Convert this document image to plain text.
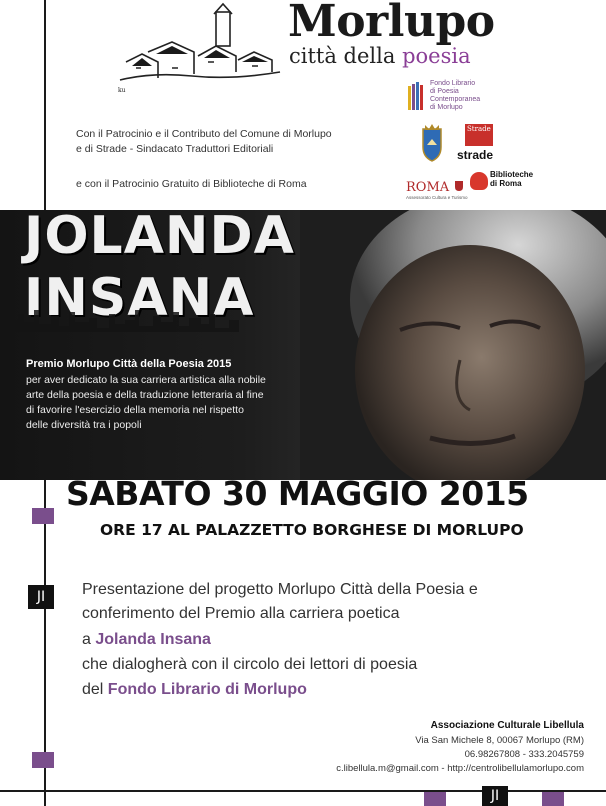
ku
Morlupo
città della poesia
Con il Patrocinio e il Contributo del Comune di Morlupo
e di Strade - Sindacato Traduttori Editoriali
e con il Patrocinio Gratuito di Biblioteche di Roma
Fondo Librario
di Poesia
Contemporanea
di Morlupo
Strade
strade
ROMA
Assessorato Cultura e Turismo
Biblioteche
di Roma
JOLANDA
INSANA
Premio Morlupo Città della Poesia 2015
per aver dedicato la sua carriera artistica alla nobile
arte della poesia e della traduzione letteraria al fine
di favorire l'esercizio della memoria nel rispetto
delle diversità tra i popoli
SABATO 30 MAGGIO 2015
ORE 17 AL PALAZZETTO BORGHESE DI MORLUPO
JI	Presentazione del progetto Morlupo Città della Poesia e
conferimento del Premio alla carriera poetica
a Jolanda Insana
che dialogherà con il circolo dei lettori di poesia
del Fondo Librario di Morlupo
Associazione Culturale Libellula
Via San Michele 8, 00067 Morlupo (RM)
06.98267808 - 333.2045759
c.libellula.m@gmail.com - http://centrolibellulamorlupo.com
JI
